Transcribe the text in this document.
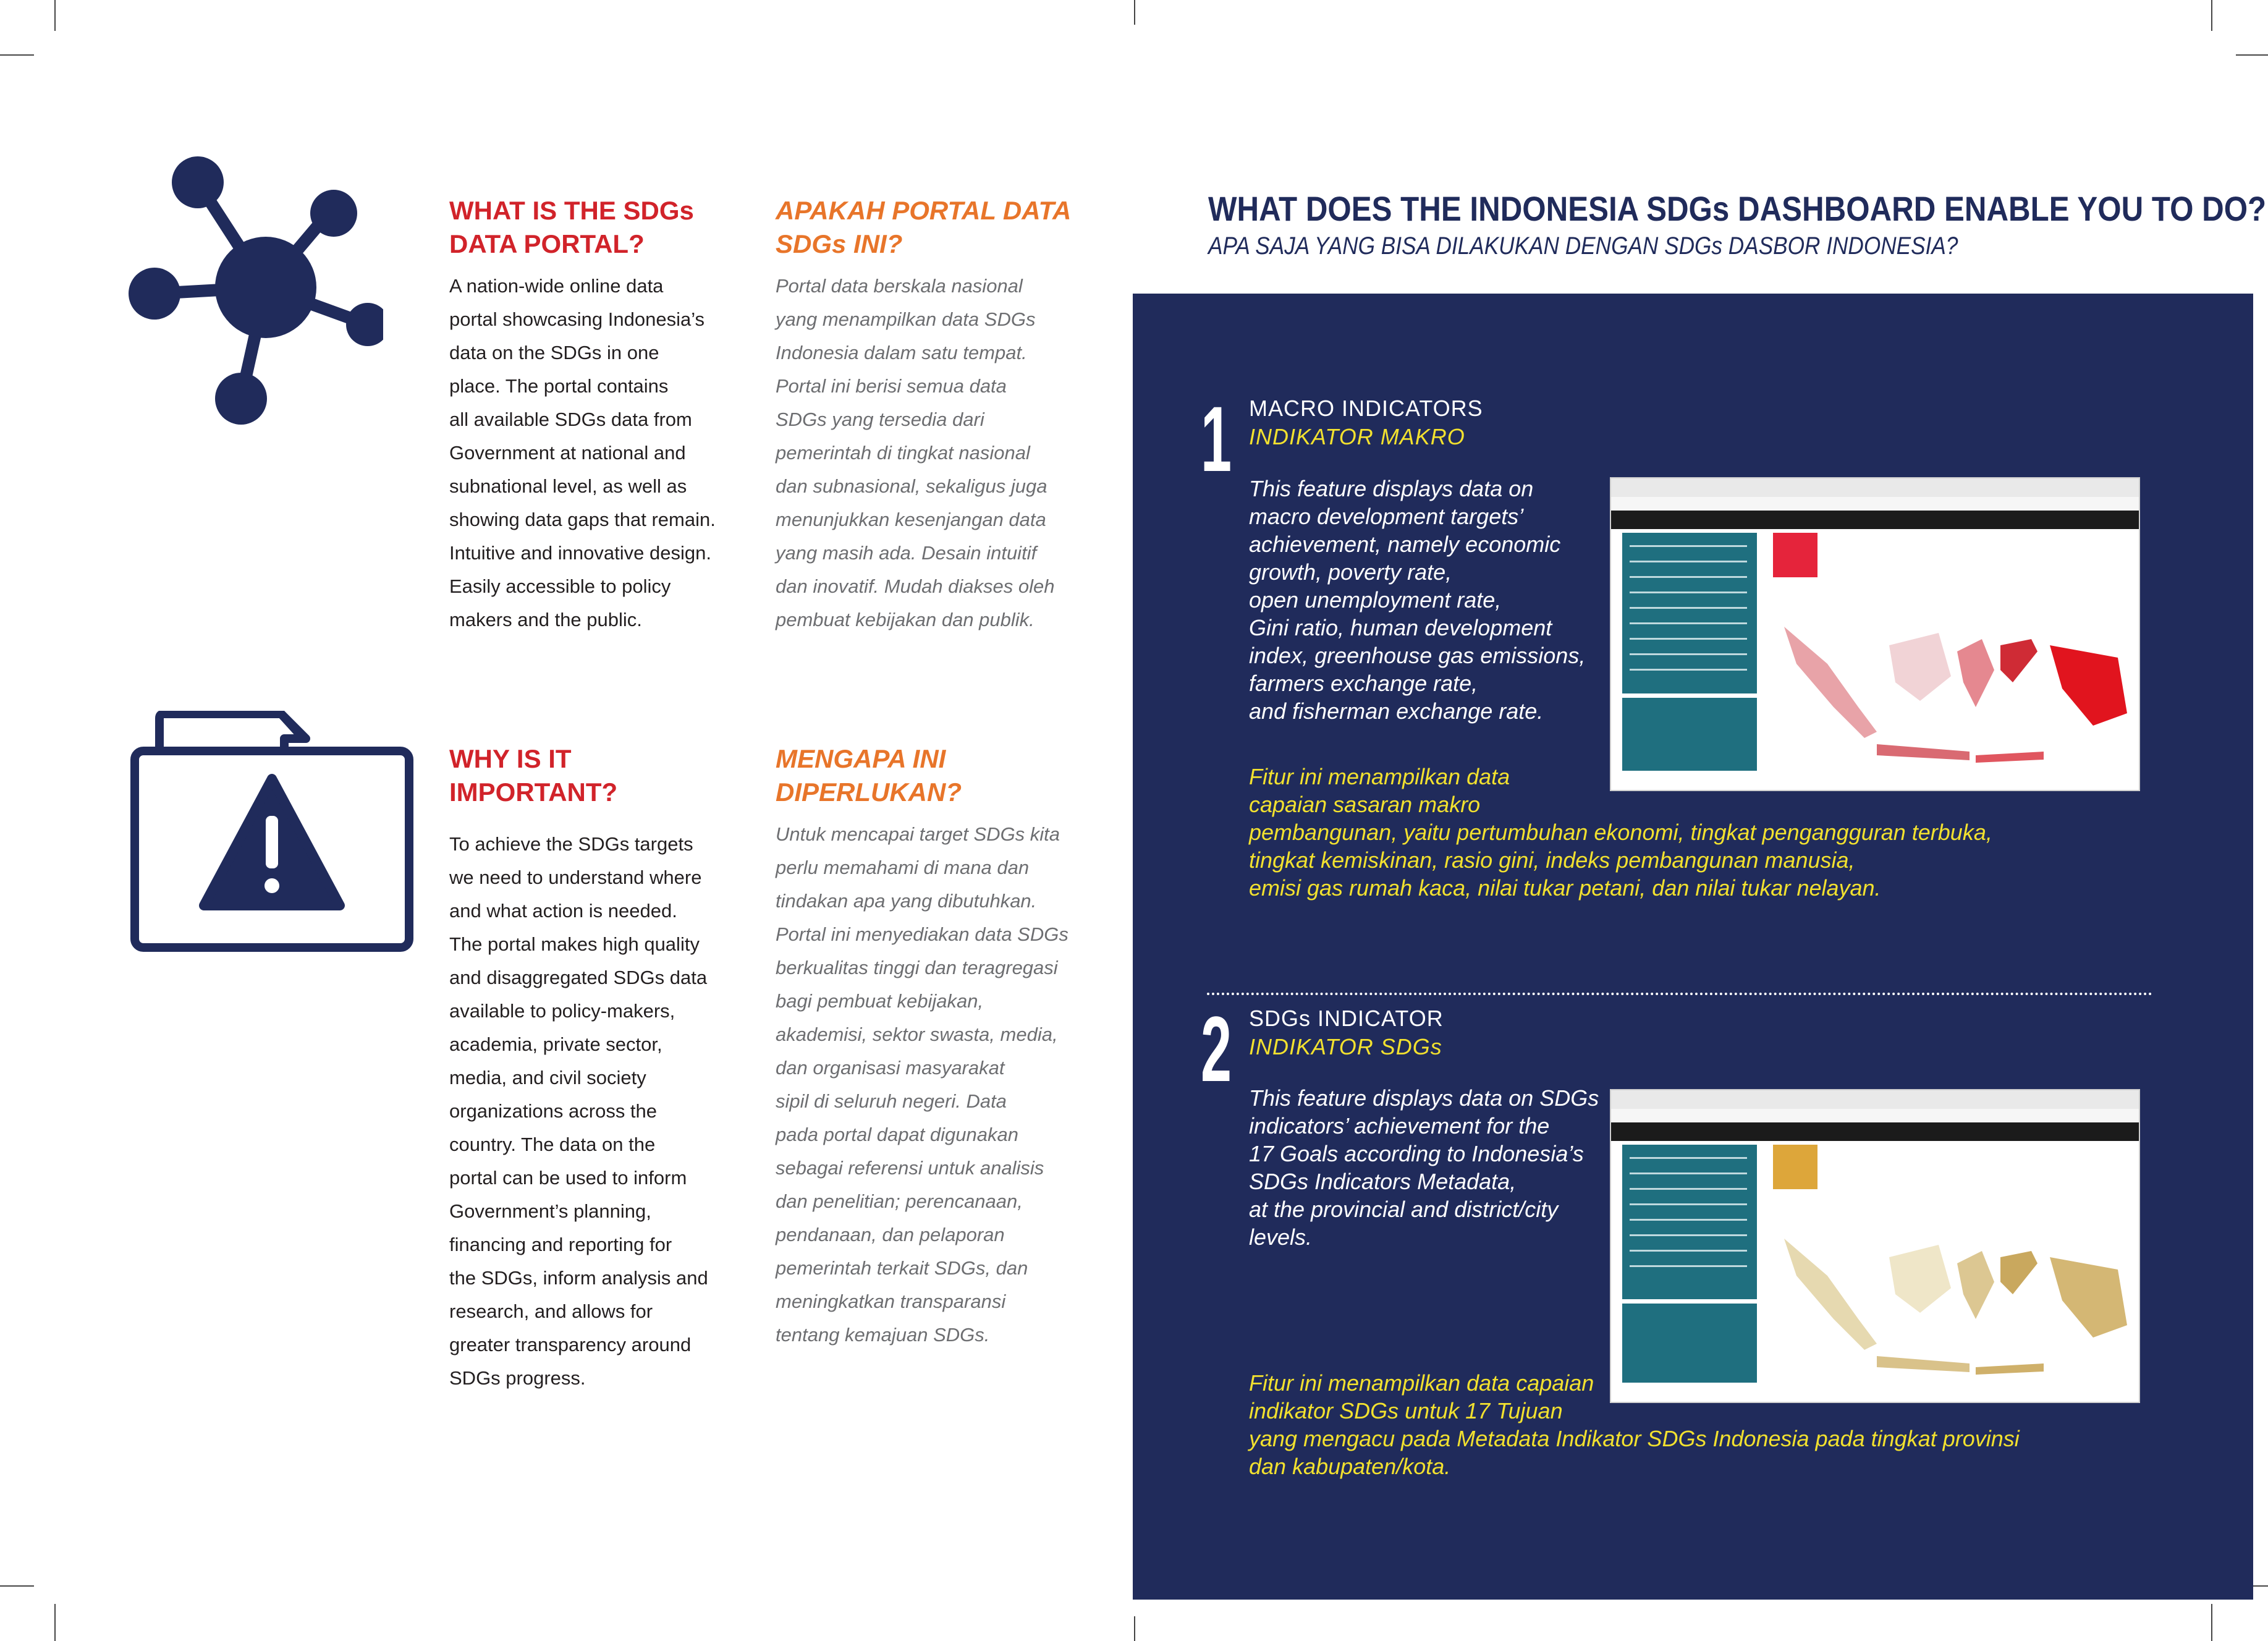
WHAT IS THE SDGs
DATA PORTAL?
A nation-wide online data
portal showcasing Indonesia’s
data on the SDGs in one
place. The portal contains
all available SDGs data from
Government at national and
subnational level, as well as
showing data gaps that remain.
Intuitive and innovative design.
Easily accessible to policy
makers and the public.
APAKAH PORTAL DATA
SDGs INI?
Portal data berskala nasional
yang menampilkan data SDGs
Indonesia dalam satu tempat.
Portal ini berisi semua data
SDGs yang tersedia dari
pemerintah di tingkat nasional
dan subnasional, sekaligus juga
menunjukkan kesenjangan data
yang masih ada. Desain intuitif
dan inovatif. Mudah diakses oleh
pembuat kebijakan dan publik.
WHY IS IT IMPORTANT?
To achieve the SDGs targets
we need to understand where
and what action is needed.
The portal makes high quality
and disaggregated SDGs data
available to policy-makers,
academia, private sector,
media, and civil society
organizations across the
country. The data on the
portal can be used to inform
Government’s planning,
financing and reporting for
the SDGs, inform analysis and
research, and allows for
greater transparency around
SDGs progress.
MENGAPA INI
DIPERLUKAN?
Untuk mencapai target SDGs kita
perlu memahami di mana dan
tindakan apa yang dibutuhkan.
Portal ini menyediakan data SDGs
berkualitas tinggi dan teragregasi
bagi pembuat kebijakan,
akademisi, sektor swasta, media,
dan organisasi masyarakat
sipil di seluruh negeri. Data
pada portal dapat digunakan
sebagai referensi untuk analisis
dan penelitian; perencanaan,
pendanaan, dan pelaporan
pemerintah terkait SDGs, dan
meningkatkan transparansi
tentang kemajuan SDGs.
WHAT DOES THE INDONESIA SDGs DASHBOARD ENABLE YOU TO DO?
APA SAJA YANG BISA DILAKUKAN DENGAN SDGs DASBOR INDONESIA?
1 MACRO INDICATORS
INDIKATOR MAKRO
This feature displays data on
macro development targets’
achievement, namely economic
growth, poverty rate,
open unemployment rate,
Gini ratio, human development
index, greenhouse gas emissions,
farmers exchange rate,
and fisherman exchange rate.
Fitur ini menampilkan data
capaian sasaran makro
pembangunan, yaitu pertumbuhan ekonomi, tingkat pengangguran terbuka,
tingkat kemiskinan, rasio gini, indeks pembangunan manusia,
emisi gas rumah kaca, nilai tukar petani, dan nilai tukar nelayan.
2 SDGs INDICATOR
INDIKATOR SDGs
This feature displays data on SDGs
indicators’ achievement for the
17 Goals according to Indonesia’s
SDGs Indicators Metadata,
at the provincial and district/city
levels.
Fitur ini menampilkan data capaian
indikator SDGs untuk 17 Tujuan
yang mengacu pada Metadata Indikator SDGs Indonesia pada tingkat provinsi
dan kabupaten/kota.
